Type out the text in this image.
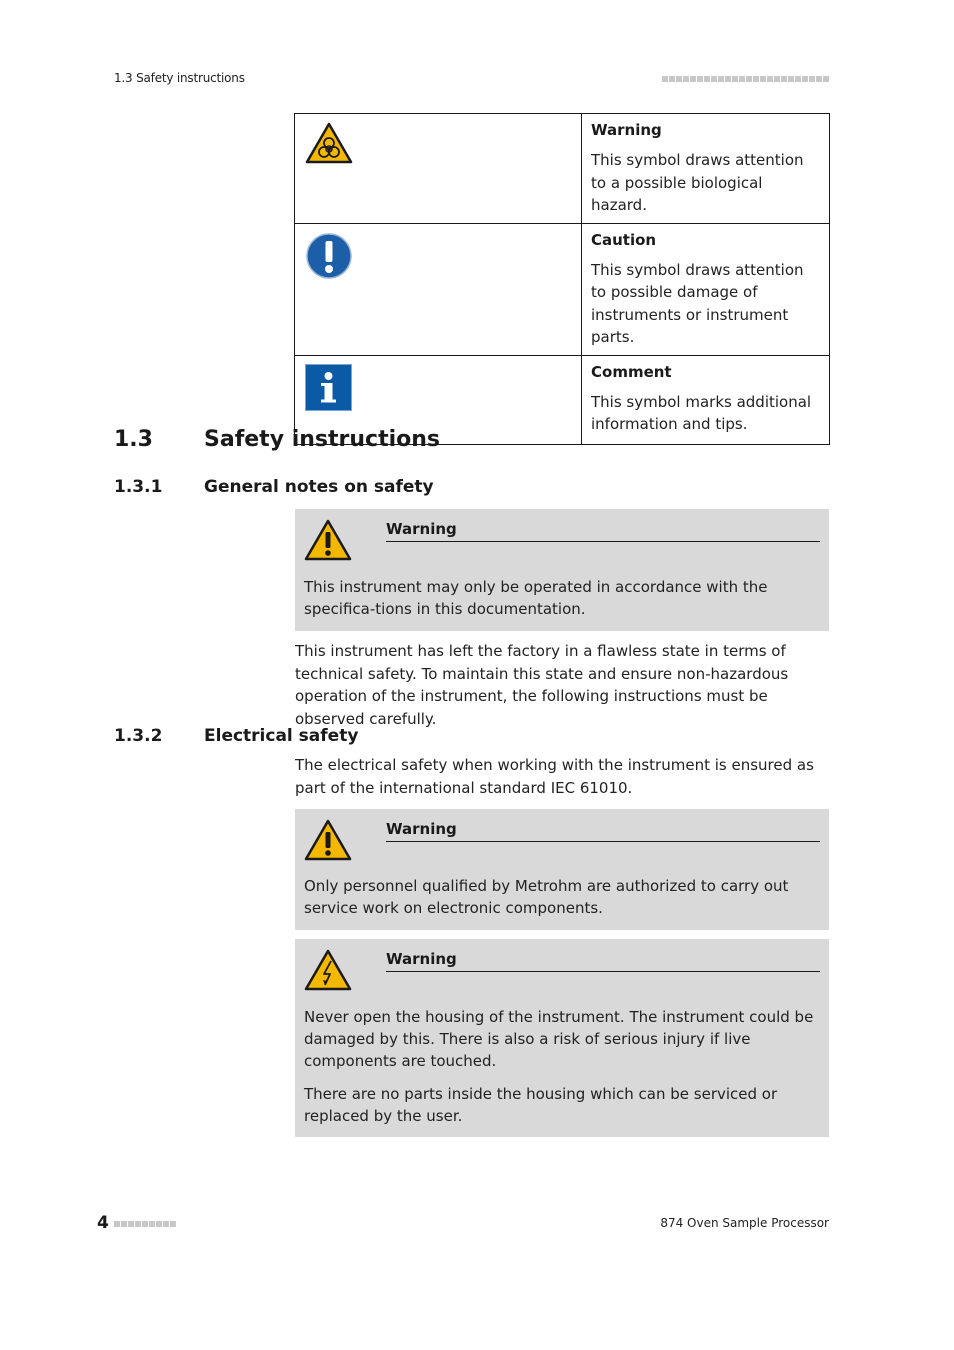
1.3 Safety instructions

Warning

This symbol draws attention to a possible biological hazard.

Caution

This symbol draws attention to possible damage of instruments or instrument parts.

Comment

This symbol marks additional information and tips.

1.3 Safety instructions
1.3.1 General notes on safety
Warning

This instrument may only be operated in accordance with the specifica-tions in this documentation.

This instrument has left the factory in a flawless state in terms of technical safety. To maintain this state and ensure non-hazardous operation of the instrument, the following instructions must be observed carefully.

1.3.2 Electrical safety

The electrical safety when working with the instrument is ensured as part of the international standard IEC 61010.

Warning

Only personnel qualified by Metrohm are authorized to carry out service work on electronic components.

Warning

Never open the housing of the instrument. The instrument could be damaged by this. There is also a risk of serious injury if live components are touched.

There are no parts inside the housing which can be serviced or replaced by the user.

4	874 Oven Sample Processor
